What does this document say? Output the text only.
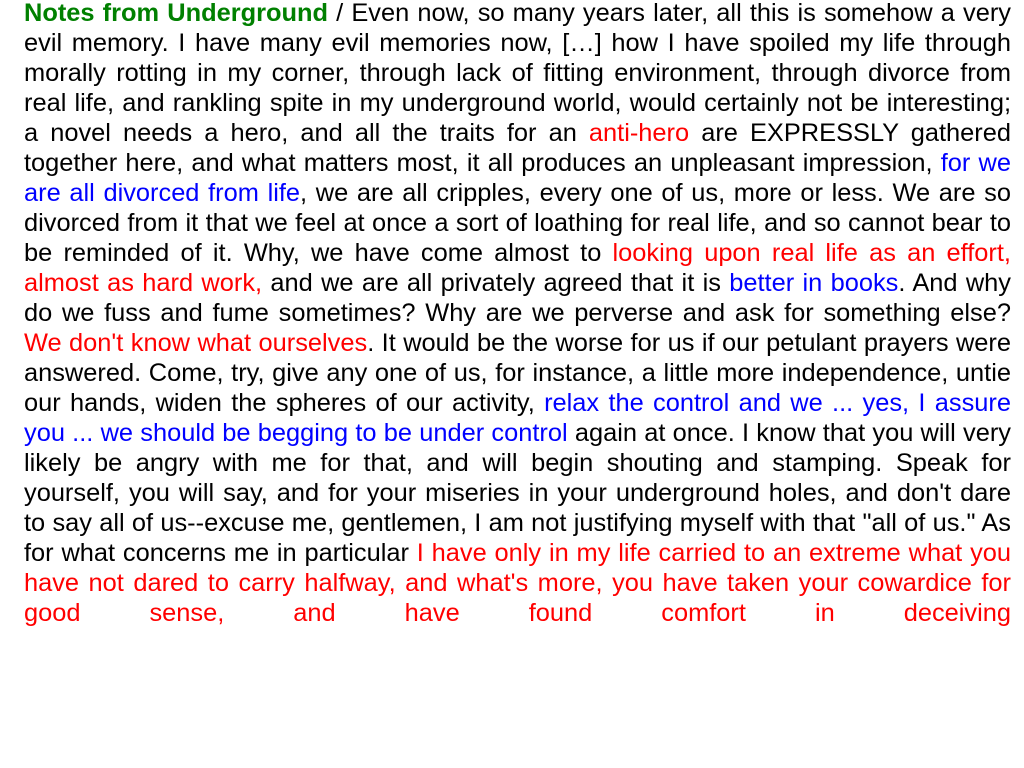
Notes from Underground / Even now, so many years later, all this is somehow a very evil memory. I have many evil memories now, […] how I have spoiled my life through morally rotting in my corner, through lack of fitting environment, through divorce from real life, and rankling spite in my underground world, would certainly not be interesting; a novel needs a hero, and all the traits for an anti-hero are EXPRESSLY gathered together here, and what matters most, it all produces an unpleasant impression, for we are all divorced from life, we are all cripples, every one of us, more or less. We are so divorced from it that we feel at once a sort of loathing for real life, and so cannot bear to be reminded of it. Why, we have come almost to looking upon real life as an effort, almost as hard work, and we are all privately agreed that it is better in books. And why do we fuss and fume sometimes? Why are we perverse and ask for something else? We don't know what ourselves. It would be the worse for us if our petulant prayers were answered. Come, try, give any one of us, for instance, a little more independence, untie our hands, widen the spheres of our activity, relax the control and we ... yes, I assure you ... we should be begging to be under control again at once. I know that you will very likely be angry with me for that, and will begin shouting and stamping. Speak for yourself, you will say, and for your miseries in your underground holes, and don't dare to say all of us--excuse me, gentlemen, I am not justifying myself with that "all of us." As for what concerns me in particular I have only in my life carried to an extreme what you have not dared to carry halfway, and what's more, you have taken your cowardice for good sense, and have found comfort in deceiving
